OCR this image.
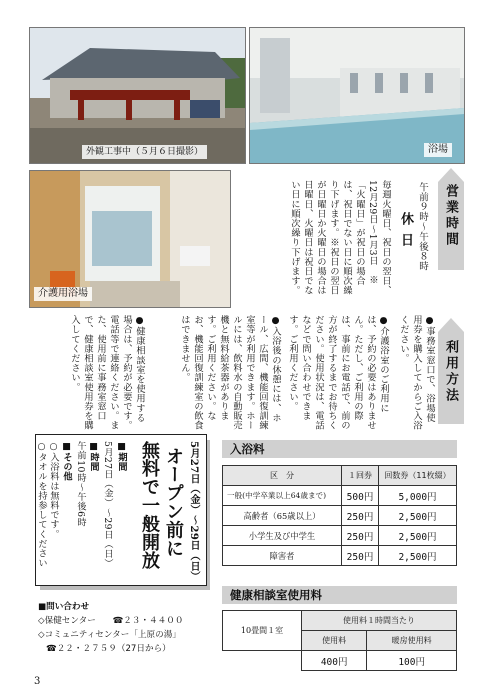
外観工事中（５月６日撮影）	浴場
介護用浴場
営業時間
午前９時〜午後８時
休日
毎週火曜日、祝日の翌日、12月29日〜1月3日　※「火曜日」が祝日の場合は、祝日でない日に順次繰り下げます。※祝日の翌日が日曜日か火曜日の場合は日曜日、火曜日は祝日でない日に順次繰り下げます。
利用方法
●事務室窓口で、浴場使用券を購入してからご入浴ください。
●介護浴室のご利用には、予約の必要はありません。ただし、ご利用の際は、事前にお電話で、前の方が終了するまでお待ちください。使用状況は、電話などで問い合わせできます。ご利用ください。
●入浴後の休憩には、ホール、広間、機能回復訓練室等が利用できます。ホールには、飲料水の自動販売機と無料給茶器があります。ご利用ください。なお、機能回復訓練室の飲食はできません。
●健康相談室を使用する場合は、予約が必要です。電話等で連絡ください。また、使用前に事務室窓口で、健康相談室使用券を購入してください。
5月27日（金）〜29日（日）
オープン前に
無料で一般開放
■期間
5月27日（金）〜29日（日）
■時間
午前10時〜午後6時
■その他
○入浴料は無料です。
○タオルを持参してください	入浴料
区　分	１回券	回数券（11枚綴）
一般(中学卒業以上64歳まで)	500円	5,000円
高齢者（65歳以上）	250円	2,500円
小学生及び中学生	250円	2,500円
障害者	250円	2,500円
健康相談室使用料
10畳間１室	使用料１時間当たり	
	使用料	暖房使用料
	400円	100円
■問い合わせ
◇保健センター ☎２３・４４００
◇コミュニティセンター「上原の湯」
☎２２・２７５９（27日から）
3
